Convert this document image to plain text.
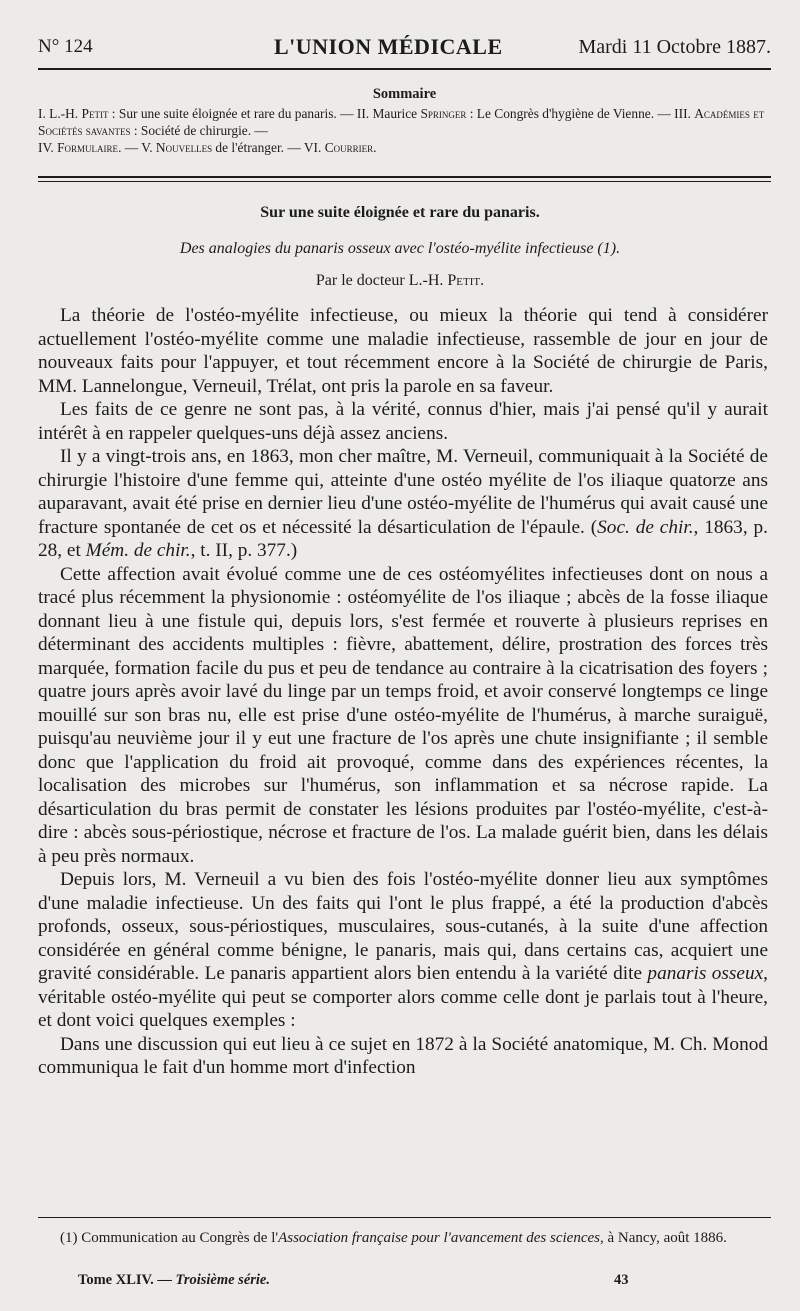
N° 124	L'UNION MÉDICALE	Mardi 11 Octobre 1887.
Sommaire
I. L.-H. Petit : Sur une suite éloignée et rare du panaris. — II. Maurice Springer : Le Congrès d'hygiène de Vienne. — III. Académies et Sociétés savantes : Société de chirurgie. —
IV. Formulaire. — V. Nouvelles de l'étranger. — VI. Courrier.
Sur une suite éloignée et rare du panaris.
Des analogies du panaris osseux avec l'ostéo-myélite infectieuse (1).
Par le docteur L.-H. Petit.

La théorie de l'ostéo-myélite infectieuse, ou mieux la théorie qui tend à considérer actuellement l'ostéo-myélite comme une maladie infectieuse, rassemble de jour en jour de nouveaux faits pour l'appuyer, et tout récemment encore à la Société de chirurgie de Paris, MM. Lannelongue, Verneuil, Trélat, ont pris la parole en sa faveur.

Les faits de ce genre ne sont pas, à la vérité, connus d'hier, mais j'ai pensé qu'il y aurait intérêt à en rappeler quelques-uns déjà assez anciens.

Il y a vingt-trois ans, en 1863, mon cher maître, M. Verneuil, communiquait à la Société de chirurgie l'histoire d'une femme qui, atteinte d'une ostéo myélite de l'os iliaque quatorze ans auparavant, avait été prise en dernier lieu d'une ostéo-myélite de l'humérus qui avait causé une fracture spontanée de cet os et nécessité la désarticulation de l'épaule. (Soc. de chir., 1863, p. 28, et Mém. de chir., t. II, p. 377.)

Cette affection avait évolué comme une de ces ostéomyélites infectieuses dont on nous a tracé plus récemment la physionomie : ostéomyélite de l'os iliaque ; abcès de la fosse iliaque donnant lieu à une fistule qui, depuis lors, s'est fermée et rouverte à plusieurs reprises en déterminant des accidents multiples : fièvre, abattement, délire, prostration des forces très marquée, formation facile du pus et peu de tendance au contraire à la cicatrisation des foyers ; quatre jours après avoir lavé du linge par un temps froid, et avoir conservé longtemps ce linge mouillé sur son bras nu, elle est prise d'une ostéo-myélite de l'humérus, à marche suraiguë, puisqu'au neuvième jour il y eut une fracture de l'os après une chute insignifiante ; il semble donc que l'application du froid ait provoqué, comme dans des expériences récentes, la localisation des microbes sur l'humérus, son inflammation et sa nécrose rapide. La désarticulation du bras permit de constater les lésions produites par l'ostéo-myélite, c'est-à-dire : abcès sous-périostique, nécrose et fracture de l'os. La malade guérit bien, dans les délais à peu près normaux.

Depuis lors, M. Verneuil a vu bien des fois l'ostéo-myélite donner lieu aux symptômes d'une maladie infectieuse. Un des faits qui l'ont le plus frappé, a été la production d'abcès profonds, osseux, sous-périostiques, musculaires, sous-cutanés, à la suite d'une affection considérée en général comme bénigne, le panaris, mais qui, dans certains cas, acquiert une gravité considérable. Le panaris appartient alors bien entendu à la variété dite panaris osseux, véritable ostéo-myélite qui peut se comporter alors comme celle dont je parlais tout à l'heure, et dont voici quelques exemples :

Dans une discussion qui eut lieu à ce sujet en 1872 à la Société anatomique, M. Ch. Monod communiqua le fait d'un homme mort d'infection

(1) Communication au Congrès de l'Association française pour l'avancement des sciences, à Nancy, août 1886.

Tome XLIV. — Troisième série.	43
